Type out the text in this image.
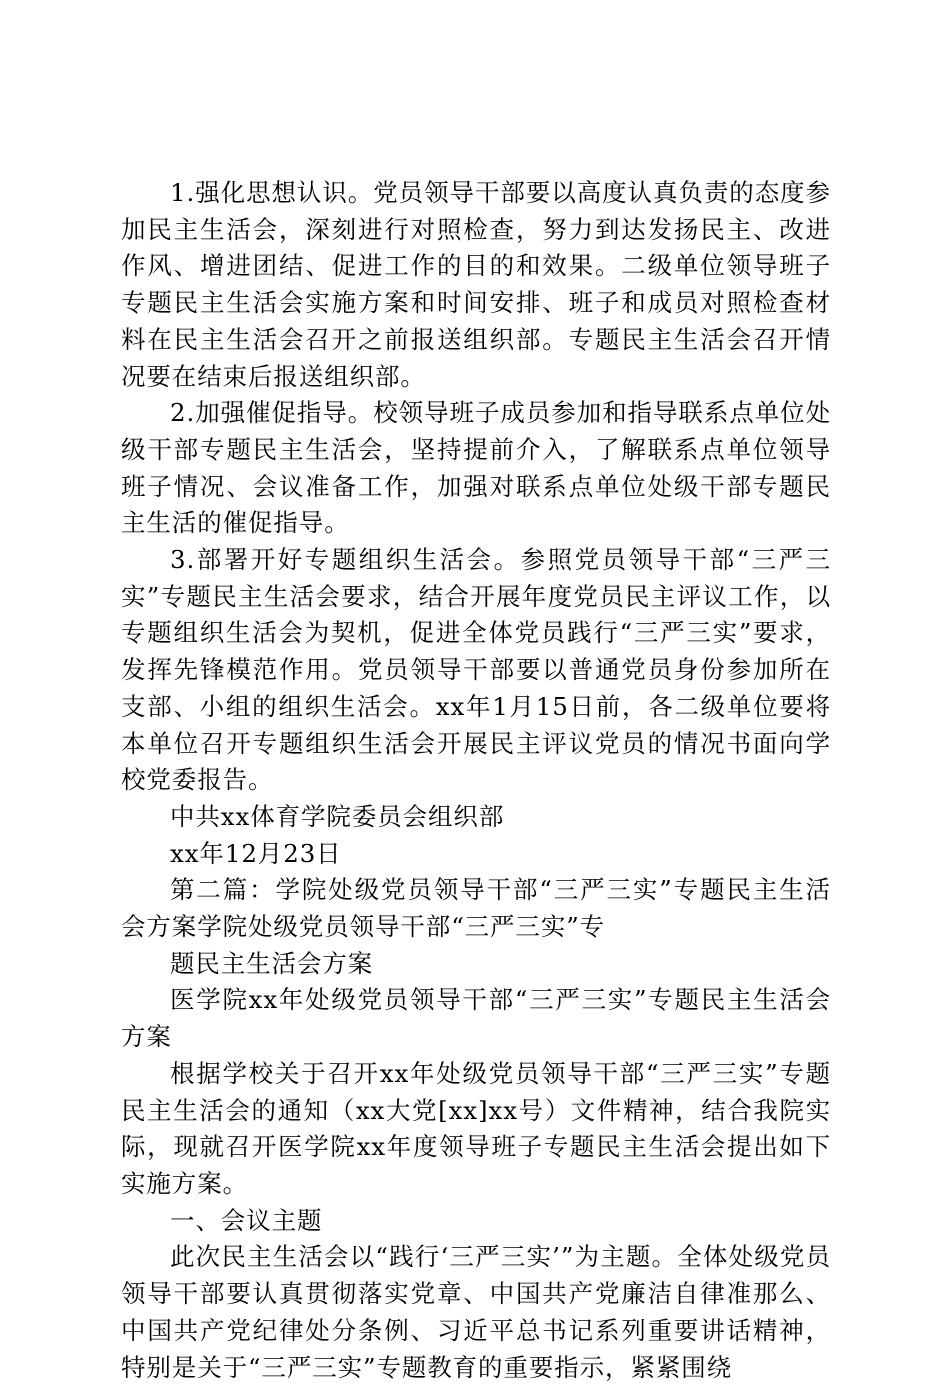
1.强化思想认识。党员领导干部要以高度认真负责的态度参加民主生活会，深刻进行对照检查，努力到达发扬民主、改进作风、增进团结、促进工作的目的和效果。二级单位领导班子专题民主生活会实施方案和时间安排、班子和成员对照检查材料在民主生活会召开之前报送组织部。专题民主生活会召开情况要在结束后报送组织部。

2.加强催促指导。校领导班子成员参加和指导联系点单位处级干部专题民主生活会，坚持提前介入，了解联系点单位领导班子情况、会议准备工作，加强对联系点单位处级干部专题民主生活的催促指导。

3.部署开好专题组织生活会。参照党员领导干部“三严三实”专题民主生活会要求，结合开展年度党员民主评议工作，以专题组织生活会为契机，促进全体党员践行“三严三实”要求，发挥先锋模范作用。党员领导干部要以普通党员身份参加所在支部、小组的组织生活会。xx年1月15日前，各二级单位要将本单位召开专题组织生活会开展民主评议党员的情况书面向学校党委报告。

中共xx体育学院委员会组织部

xx年12月23日

第二篇：学院处级党员领导干部“三严三实”专题民主生活会方案学院处级党员领导干部“三严三实”专

题民主生活会方案

医学院xx年处级党员领导干部“三严三实”专题民主生活会方案

根据学校关于召开xx年处级党员领导干部“三严三实”专题民主生活会的通知（xx大党[xx]xx号）文件精神，结合我院实际，现就召开医学院xx年度领导班子专题民主生活会提出如下实施方案。

一、会议主题

此次民主生活会以“践行‘三严三实’”为主题。全体处级党员领导干部要认真贯彻落实党章、中国共产党廉洁自律准那么、中国共产党纪律处分条例、习近平总书记系列重要讲话精神，特别是关于“三严三实”专题教育的重要指示，紧紧围绕
